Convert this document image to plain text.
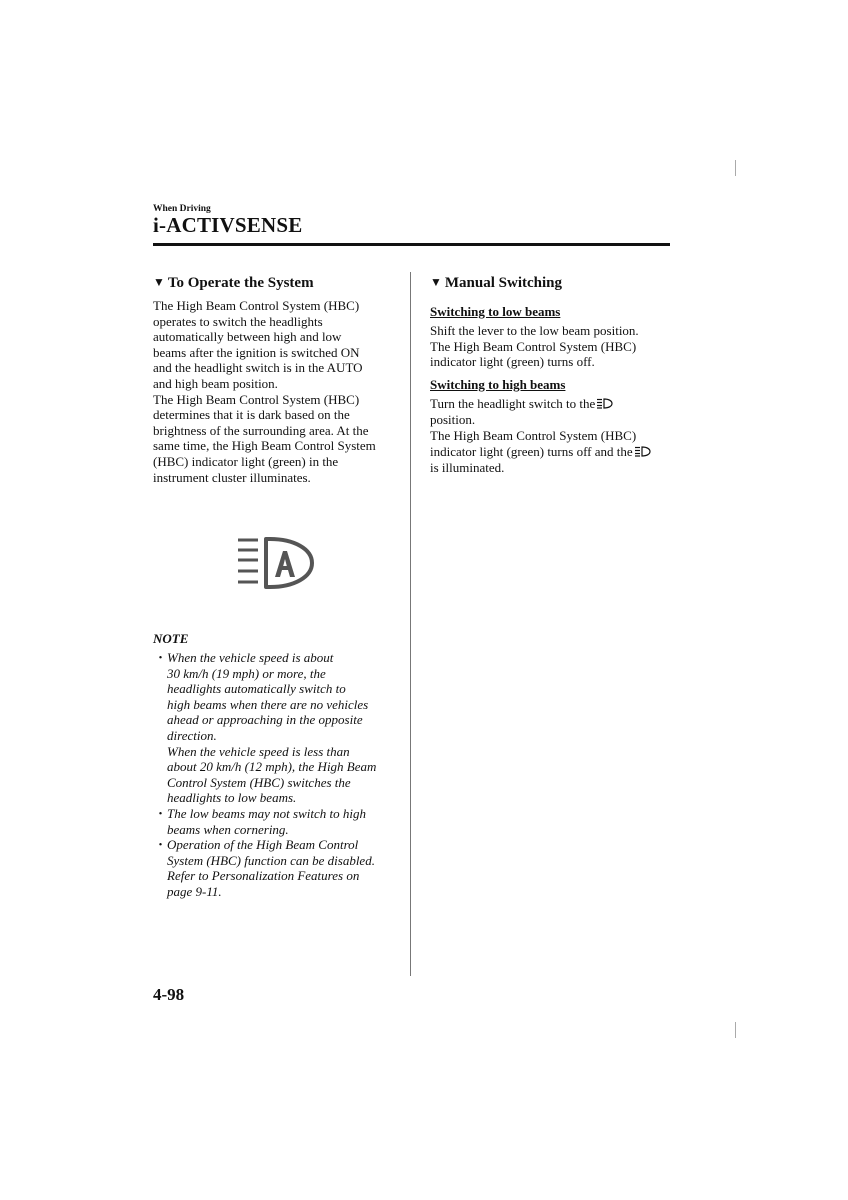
When Driving
i-ACTIVSENSE
▼ To Operate the System
The High Beam Control System (HBC)
operates to switch the headlights
automatically between high and low
beams after the ignition is switched ON
and the headlight switch is in the AUTO
and high beam position.
The High Beam Control System (HBC)
determines that it is dark based on the
brightness of the surrounding area. At the
same time, the High Beam Control System
(HBC) indicator light (green) in the
instrument cluster illuminates.
NOTE
・ When the vehicle speed is about
30 km/h (19 mph) or more, the
headlights automatically switch to
high beams when there are no vehicles
ahead or approaching in the opposite
direction.
When the vehicle speed is less than
about 20 km/h (12 mph), the High Beam
Control System (HBC) switches the
headlights to low beams.
・ The low beams may not switch to high
beams when cornering.
・ Operation of the High Beam Control
System (HBC) function can be disabled.
Refer to Personalization Features on
page 9-11.
▼ Manual Switching
Switching to low beams
Shift the lever to the low beam position.
The High Beam Control System (HBC)
indicator light (green) turns off.
Switching to high beams
Turn the headlight switch to the
position.
The High Beam Control System (HBC)
indicator light (green) turns off and the
is illuminated.
4-98
